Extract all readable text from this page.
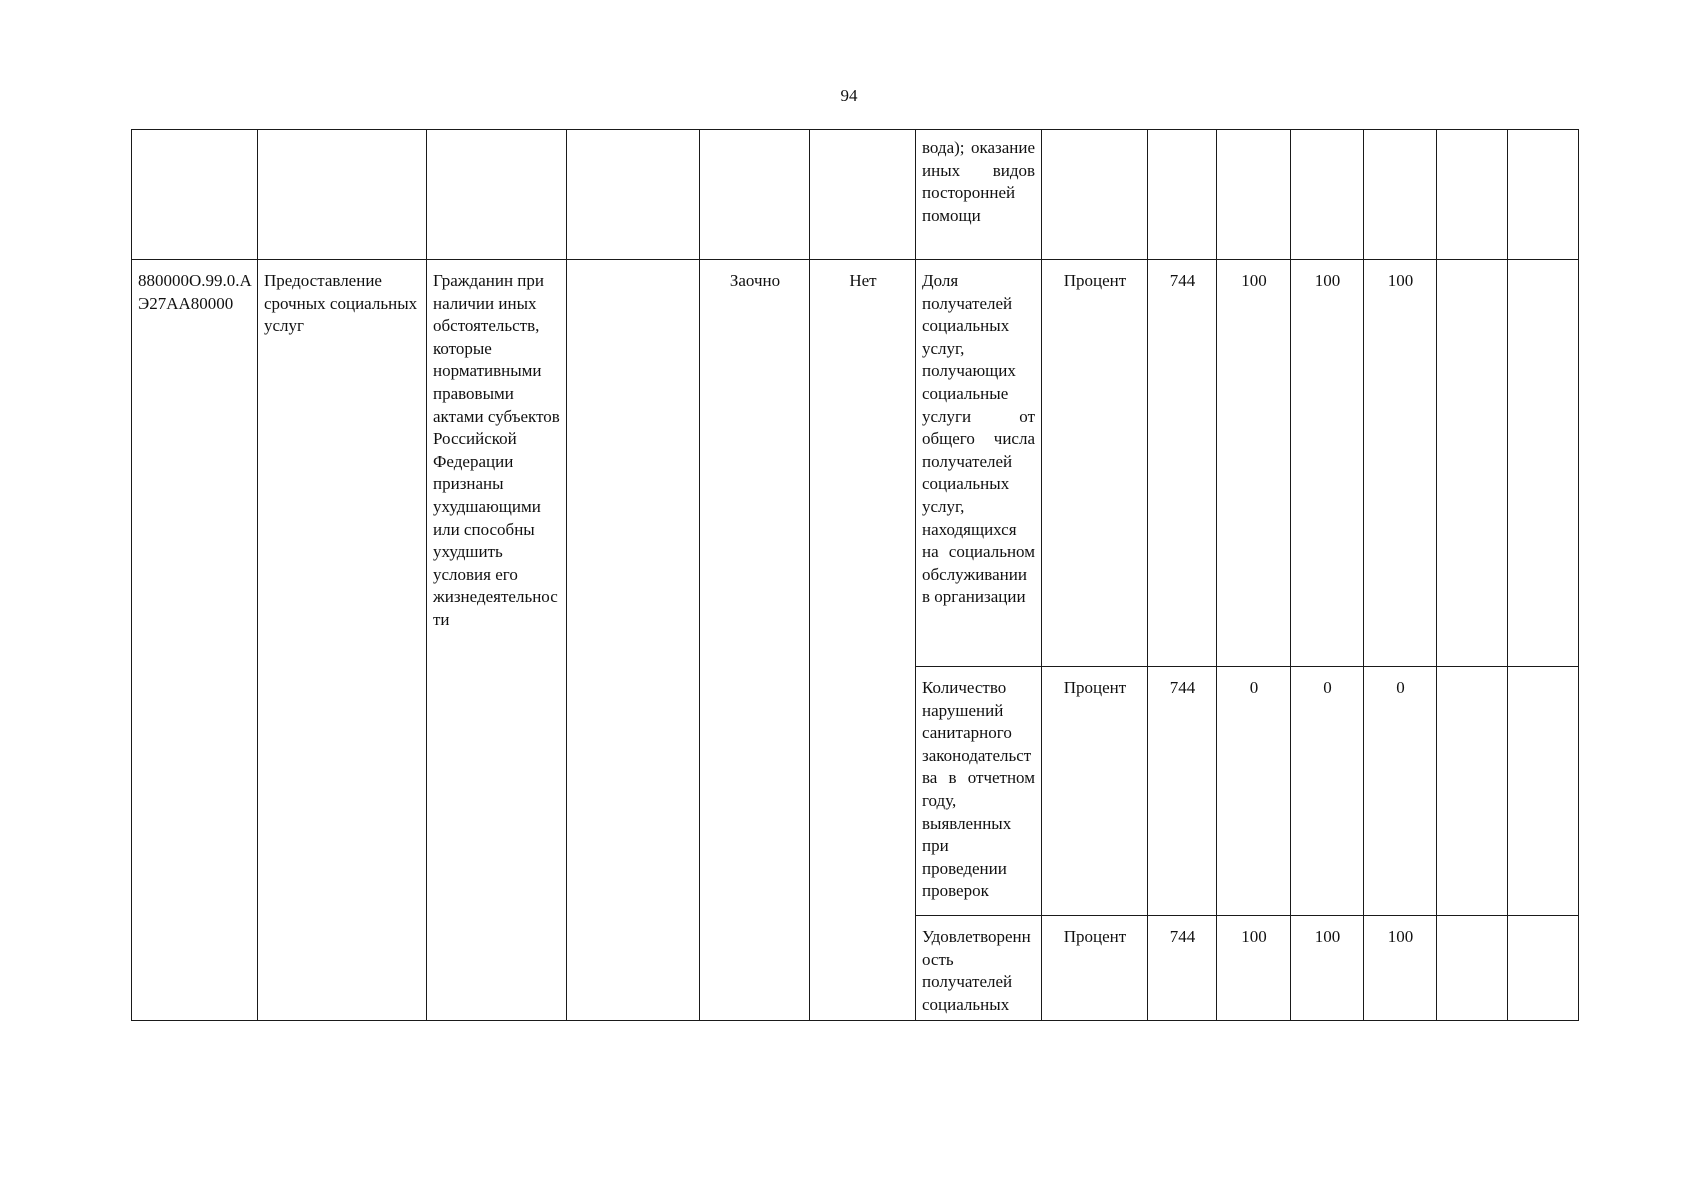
94
						вода); оказание иных видов посторонней помощи							
880000О.99.0.АЭ27АА80000	Предоставление срочных социальных услуг	Гражданин при наличии иных обстоятельств, которые нормативными правовыми актами субъектов Российской Федерации признаны ухудшающими или способны ухудшить условия его жизнедеятельности		Заочно	Нет	Доля получателей социальных услуг, получающих социальные услуги от общего числа получателей социальных услуг, находящихся на социальном обслуживании в организации	Процент	744	100	100	100		
						Количество нарушений санитарного законодательства в отчетном году, выявленных при проведении проверок	Процент	744	0	0	0		
						Удовлетворенность получателей социальных	Процент	744	100	100	100		
